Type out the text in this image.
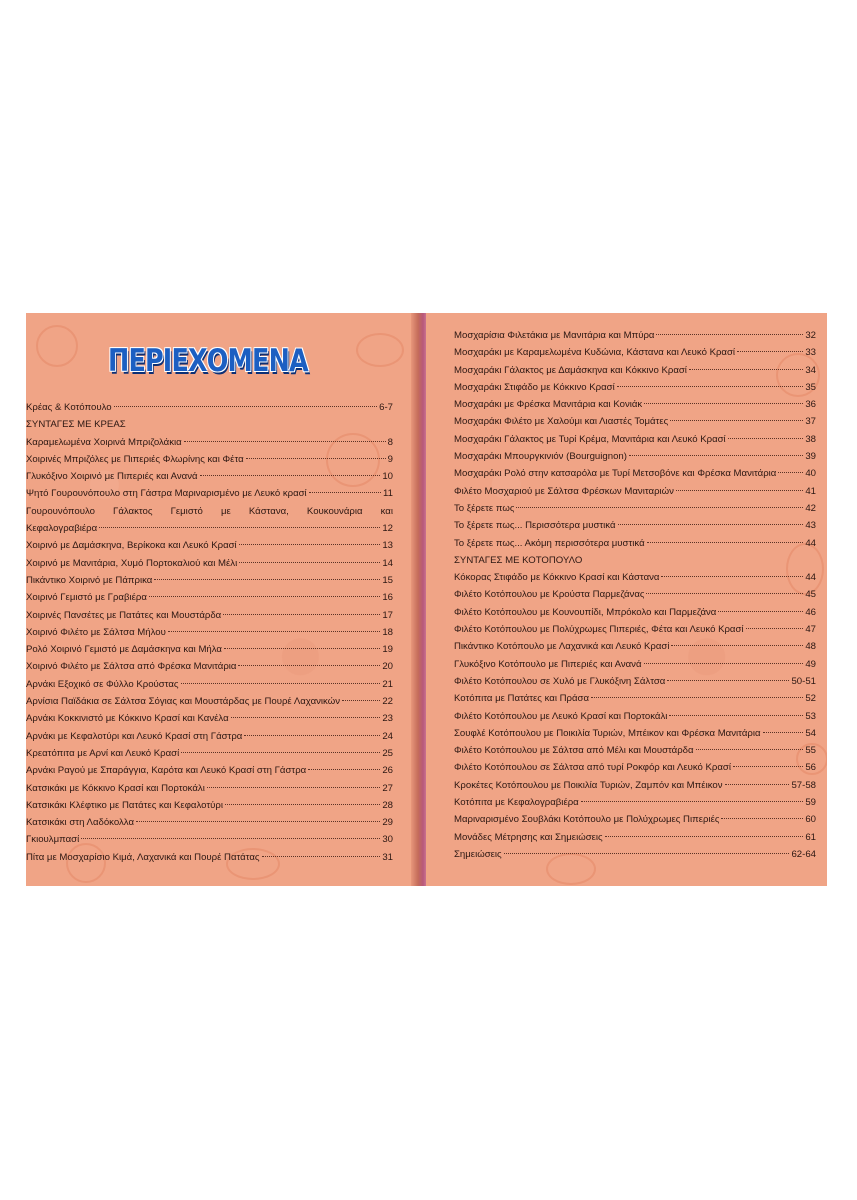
ΠΕΡΙΕΧΟΜΕΝΑ
Κρέας & Κοτόπουλο	6-7
ΣΥΝΤΑΓΕΣ ΜΕ ΚΡΕΑΣ
Καραμελωμένα Χοιρινά Μπριζολάκια	8
Χοιρινές Μπριζόλες με Πιπεριές Φλωρίνης και Φέτα	9
Γλυκόξινο Χοιρινό με Πιπεριές και Ανανά	10
Ψητό Γουρουνόπουλο στη Γάστρα Μαριναρισμένο με Λευκό κρασί	11
Γουρουνόπουλο Γάλακτος Γεμιστό με Κάστανα, Κουκουνάρια και
Κεφαλογραβιέρα	12
Χοιρινό με Δαμάσκηνα, Βερίκοκα και Λευκό Κρασί	13
Χοιρινό με Μανιτάρια, Χυμό Πορτοκαλιού και Μέλι	14
Πικάντικο Χοιρινό με Πάπρικα	15
Χοιρινό Γεμιστό με Γραβιέρα	16
Χοιρινές Πανσέτες με Πατάτες και Μουστάρδα	17
Χοιρινό Φιλέτο με Σάλτσα Μήλου	18
Ρολό Χοιρινό Γεμιστό με Δαμάσκηνα και Μήλα	19
Χοιρινό Φιλέτο με Σάλτσα από Φρέσκα Μανιτάρια	20
Αρνάκι Εξοχικό σε Φύλλο Κρούστας	21
Αρνίσια Παϊδάκια σε Σάλτσα Σόγιας και Μουστάρδας με Πουρέ Λαχανικών	22
Αρνάκι Κοκκινιστό με Κόκκινο Κρασί και Κανέλα	23
Αρνάκι με Κεφαλοτύρι και Λευκό Κρασί στη Γάστρα	24
Κρεατόπιτα με Αρνί και Λευκό Κρασί	25
Αρνάκι Ραγού με Σπαράγγια, Καρότα και Λευκό Κρασί στη Γάστρα	26
Κατσικάκι με Κόκκινο Κρασί και Πορτοκάλι	27
Κατσικάκι Κλέφτικο με Πατάτες και Κεφαλοτύρι	28
Κατσικάκι στη Λαδόκολλα	29
Γκιουλμπασί	30
Πίτα με Μοσχαρίσιο Κιμά, Λαχανικά και Πουρέ Πατάτας	31
Μοσχαρίσια Φιλετάκια με Μανιτάρια και Μπύρα	32
Μοσχαράκι με Καραμελωμένα Κυδώνια, Κάστανα και Λευκό Κρασί	33
Μοσχαράκι Γάλακτος με Δαμάσκηνα και Κόκκινο Κρασί	34
Μοσχαράκι Στιφάδο με Κόκκινο Κρασί	35
Μοσχαράκι με Φρέσκα Μανιτάρια και Κονιάκ	36
Μοσχαράκι Φιλέτο με Χαλούμι και Λιαστές Τομάτες	37
Μοσχαράκι Γάλακτος με Τυρί Κρέμα, Μανιτάρια και Λευκό Κρασί	38
Μοσχαράκι Μπουργκινιόν (Bourguignon)	39
Μοσχαράκι Ρολό στην κατσαρόλα με Τυρί Μετσοβόνε και Φρέσκα Μανιτάρια	40
Φιλέτο Μοσχαριού με Σάλτσα Φρέσκων Μανιταριών	41
Το ξέρετε πως	42
Το ξέρετε πως... Περισσότερα μυστικά	43
Το ξέρετε πως... Ακόμη περισσότερα μυστικά	44
ΣΥΝΤΑΓΕΣ ΜΕ ΚΟΤΟΠΟΥΛΟ
Κόκορας Στιφάδο με Κόκκινο Κρασί και Κάστανα	44
Φιλέτο Κοτόπουλου με Κρούστα Παρμεζάνας	45
Φιλέτο Κοτόπουλου με Κουνουπίδι, Μπρόκολο και Παρμεζάνα	46
Φιλέτο Κοτόπουλου με Πολύχρωμες Πιπεριές, Φέτα και Λευκό Κρασί	47
Πικάντικο Κοτόπουλο με Λαχανικά και Λευκό Κρασί	48
Γλυκόξινο Κοτόπουλο με Πιπεριές και Ανανά	49
Φιλέτο Κοτόπουλου σε Χυλό με Γλυκόξινη Σάλτσα	50-51
Κοτόπιτα με Πατάτες και Πράσα	52
Φιλέτο Κοτόπουλου με Λευκό Κρασί και Πορτοκάλι	53
Σουφλέ Κοτόπουλου με Ποικιλία Τυριών, Μπέικον και Φρέσκα Μανιτάρια	54
Φιλέτο Κοτόπουλου με Σάλτσα από Μέλι και Μουστάρδα	55
Φιλέτο Κοτόπουλου σε Σάλτσα από τυρί Ροκφόρ και Λευκό Κρασί	56
Κροκέτες Κοτόπουλου με Ποικιλία Τυριών, Ζαμπόν και Μπέικον	57-58
Κοτόπιτα με Κεφαλογραβιέρα	59
Μαριναρισμένο Σουβλάκι Κοτόπουλο με Πολύχρωμες Πιπεριές	60
Μονάδες Μέτρησης και Σημειώσεις	61
Σημειώσεις	62-64
